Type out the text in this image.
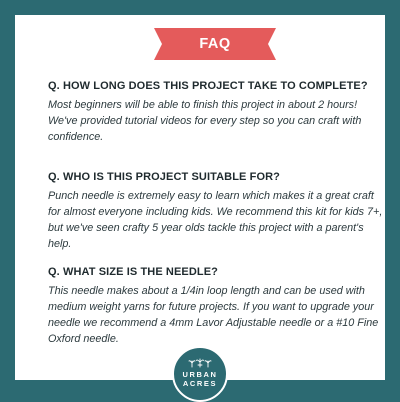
FAQ
Q. HOW LONG DOES THIS PROJECT TAKE TO COMPLETE?
Most beginners will be able to finish this project in about 2 hours! We've provided tutorial videos for every step so you can craft with confidence.
Q. WHO IS THIS PROJECT SUITABLE FOR?
Punch needle is extremely easy to learn which makes it a great craft for almost everyone including kids. We recommend this kit for kids 7+, but we've seen crafty 5 year olds tackle this project with a parent's help.
Q. WHAT SIZE IS THE NEEDLE?
This needle makes about a 1/4in loop length and can be used with medium weight yarns for future projects. If you want to upgrade your needle we recommend a 4mm Lavor Adjustable needle or a #10 Fine Oxford needle.
URBAN
ACRES
